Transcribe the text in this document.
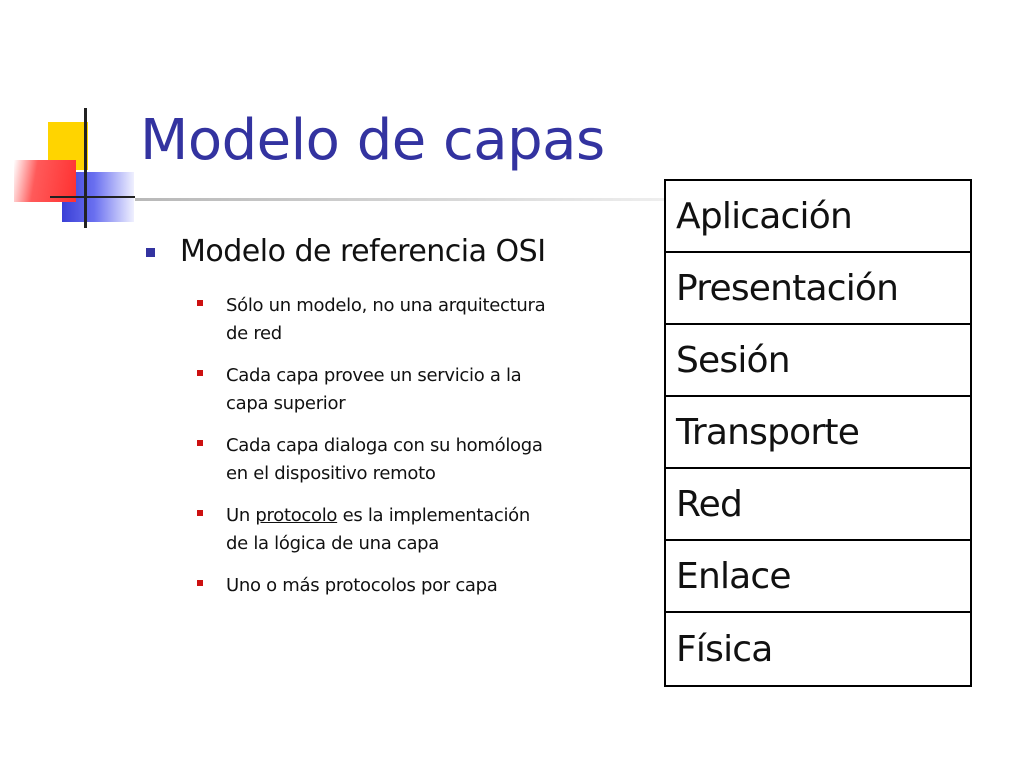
Modelo de capas
Modelo de referencia OSI
Sólo un modelo, no una arquitectura de red
Cada capa provee un servicio a la capa superior
Cada capa dialoga con su homóloga en el dispositivo remoto
Un protocolo es la implementación de la lógica de una capa
Uno o más protocolos por capa
Aplicación
Presentación
Sesión
Transporte
Red
Enlace
Física
